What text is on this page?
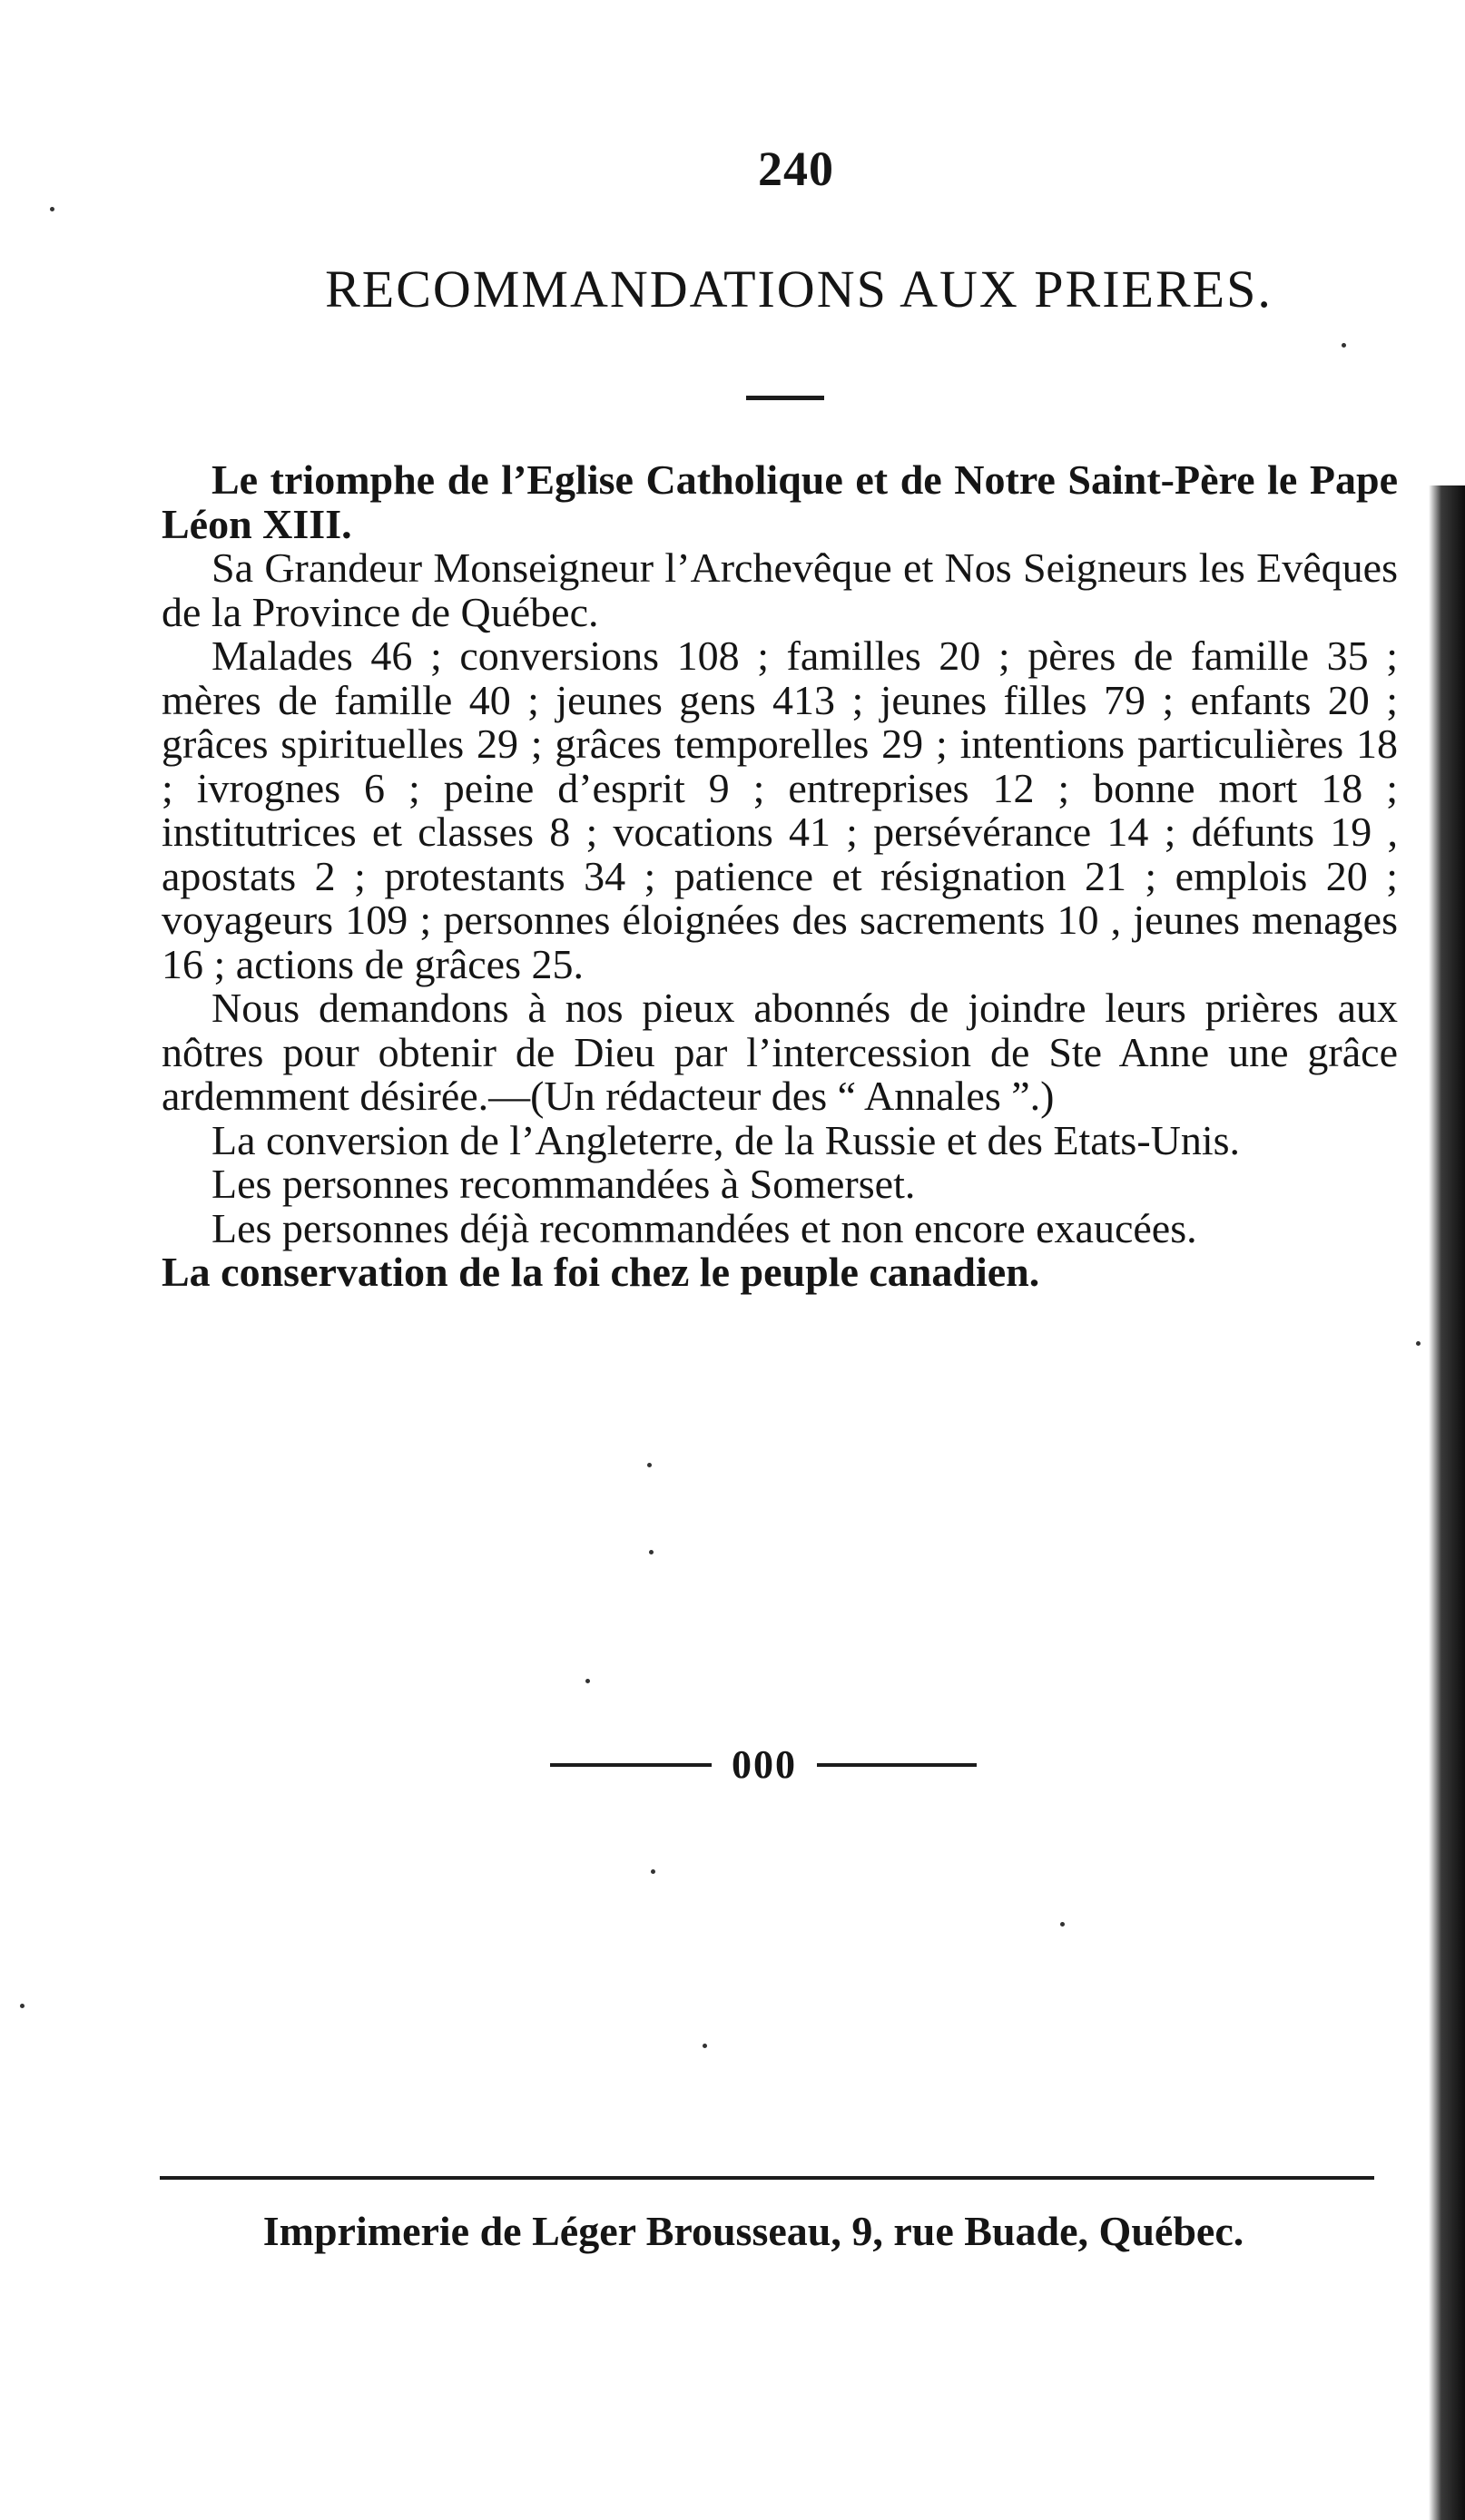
240
RECOMMANDATIONS AUX PRIERES.

Le triomphe de l’Eglise Catholique et de Notre Saint-Père le Pape Léon XIII.

Sa Grandeur Monseigneur l’Archevêque et Nos Seigneurs les Evêques de la Province de Québec.

Malades 46 ; conversions 108 ; familles 20 ; pères de famille 35 ; mères de famille 40 ; jeunes gens 413 ; jeunes filles 79 ; enfants 20 ; grâces spirituelles 29 ; grâces temporelles 29 ; intentions particulières 18 ; ivrognes 6 ; peine d’esprit 9 ; entreprises 12 ; bonne mort 18 ; institutrices et classes 8 ; vocations 41 ; persévérance 14 ; défunts 19 , apostats 2 ; protestants 34 ; patience et résignation 21 ; emplois 20 ; voyageurs 109 ; personnes éloignées des sacrements 10 , jeunes menages 16 ; actions de grâces 25.

Nous demandons à nos pieux abonnés de joindre leurs prières aux nôtres pour obtenir de Dieu par l’intercession de Ste Anne une grâce ardemment désirée.—(Un rédacteur des “ Annales ”.)

La conversion de l’Angleterre, de la Russie et des Etats-Unis.

Les personnes recommandées à Somerset.

Les personnes déjà recommandées et non encore exaucées.

La conservation de la foi chez le peuple canadien.

000
Imprimerie de Léger Brousseau, 9, rue Buade, Québec.
